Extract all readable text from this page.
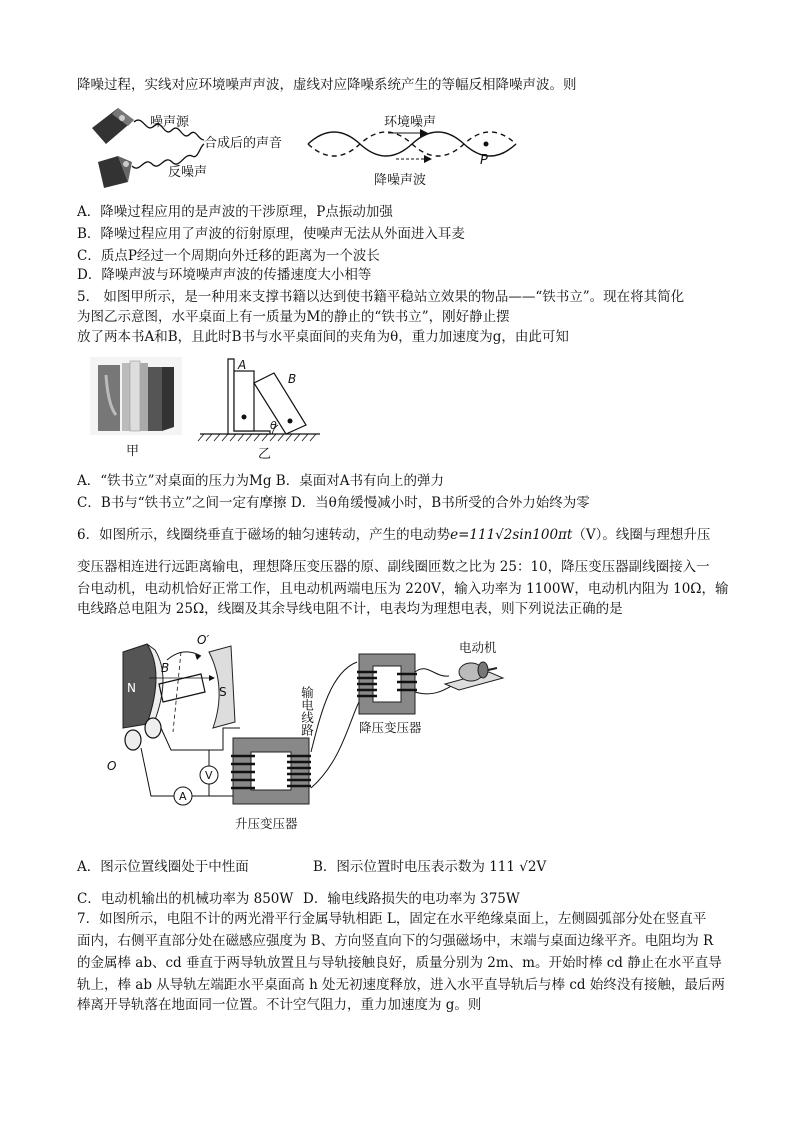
降噪过程，实线对应环境噪声声波，虚线对应降噪系统产生的等幅反相降噪声波。则
噪声源
合成后的声音
反噪声
环境噪声
降噪声波
P
A．降噪过程应用的是声波的干涉原理，P点振动加强
B．降噪过程应用了声波的衍射原理，使噪声无法从外面进入耳麦
C．质点P经过一个周期向外迁移的距离为一个波长
D．降噪声波与环境噪声声波的传播速度大小相等
5． 如图甲所示，是一种用来支撑书籍以达到使书籍平稳站立效果的物品——“铁书立”。现在将其简化
为图乙示意图，水平桌面上有一质量为M的静止的“铁书立”，刚好静止摆
放了两本书A和B，且此时B书与水平桌面间的夹角为θ，重力加速度为g，由此可知
甲
A
B
θ
乙
A．“铁书立”对桌面的压力为Mg B．桌面对A书有向上的弹力
C．B书与“铁书立”之间一定有摩擦 D．当θ角缓慢减小时，B书所受的合外力始终为零
6．如图所示，线圈绕垂直于磁场的轴匀速转动，产生的电动势e=111√2sin100πt（V）。线圈与理想升压
变压器相连进行远距离输电，理想降压变压器的原、副线圈匝数之比为 25：10，降压变压器副线圈接入一
台电动机，电动机恰好正常工作，且电动机两端电压为 220V，输入功率为 1100W，电动机内阻为 10Ω，输
电线路总电阻为 25Ω，线圈及其余导线电阻不计，电表均为理想电表，则下列说法正确的是
N	S
O′
B
O
A
V
升压变压器
输电线路	降压变压器
电动机
A．图示位置线圈处于中性面	B．图示位置时电压表示数为 111 √2V
C．电动机输出的机械功率为 850W D．输电线路损失的电功率为 375W
7．如图所示，电阻不计的两光滑平行金属导轨相距 L，固定在水平绝缘桌面上，左侧圆弧部分处在竖直平
面内，右侧平直部分处在磁感应强度为 B、方向竖直向下的匀强磁场中，末端与桌面边缘平齐。电阻均为 R
的金属棒 ab、cd 垂直于两导轨放置且与导轨接触良好，质量分别为 2m、m。开始时棒 cd 静止在水平直导
轨上，棒 ab 从导轨左端距水平桌面高 h 处无初速度释放，进入水平直导轨后与棒 cd 始终没有接触，最后两
棒离开导轨落在地面同一位置。不计空气阻力，重力加速度为 g。则
